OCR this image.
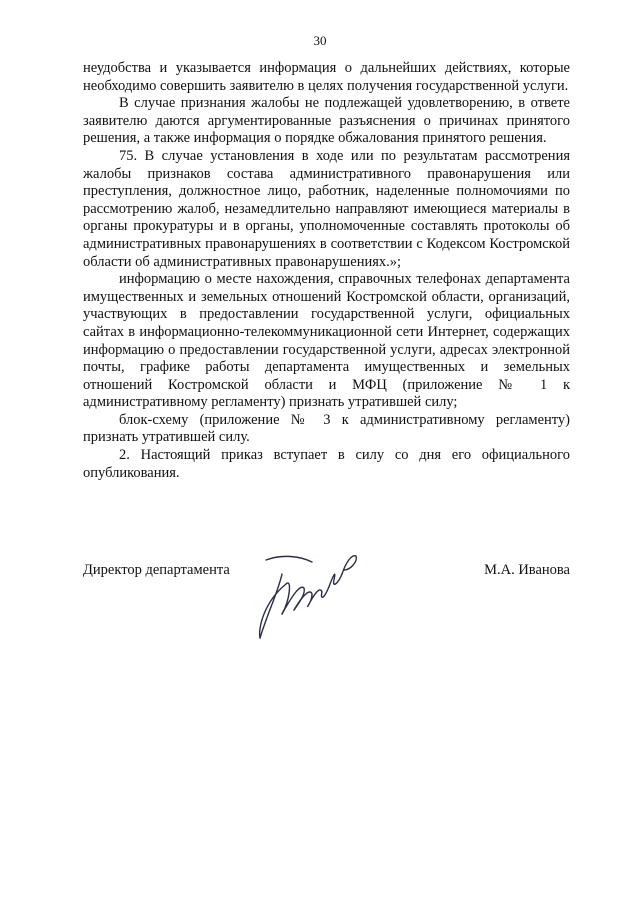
30

неудобства и указывается информация о дальнейших действиях, которые необходимо совершить заявителю в целях получения государственной услуги.

В случае признания жалобы не подлежащей удовлетворению, в ответе заявителю даются аргументированные разъяснения о причинах принятого решения, а также информация о порядке обжалования принятого решения.

75. В случае установления в ходе или по результатам рассмотрения жалобы признаков состава административного правонарушения или преступления, должностное лицо, работник, наделенные полномочиями по рассмотрению жалоб, незамедлительно направляют имеющиеся материалы в органы прокуратуры и в органы, уполномоченные составлять протоколы об административных правонарушениях в соответствии с Кодексом Костромской области об административных правонарушениях.»;

информацию о месте нахождения, справочных телефонах департамента имущественных и земельных отношений Костромской области, организаций, участвующих в предоставлении государственной услуги, официальных сайтах в информационно-телекоммуникационной сети Интернет, содержащих информацию о предоставлении государственной услуги, адресах электронной почты, графике работы департамента имущественных и земельных отношений Костромской области и МФЦ (приложение № 1 к административному регламенту) признать утратившей силу;

блок-схему (приложение № 3 к административному регламенту) признать утратившей силу.

2. Настоящий приказ вступает в силу со дня его официального опубликования.

Директор департамента	М.А. Иванова
